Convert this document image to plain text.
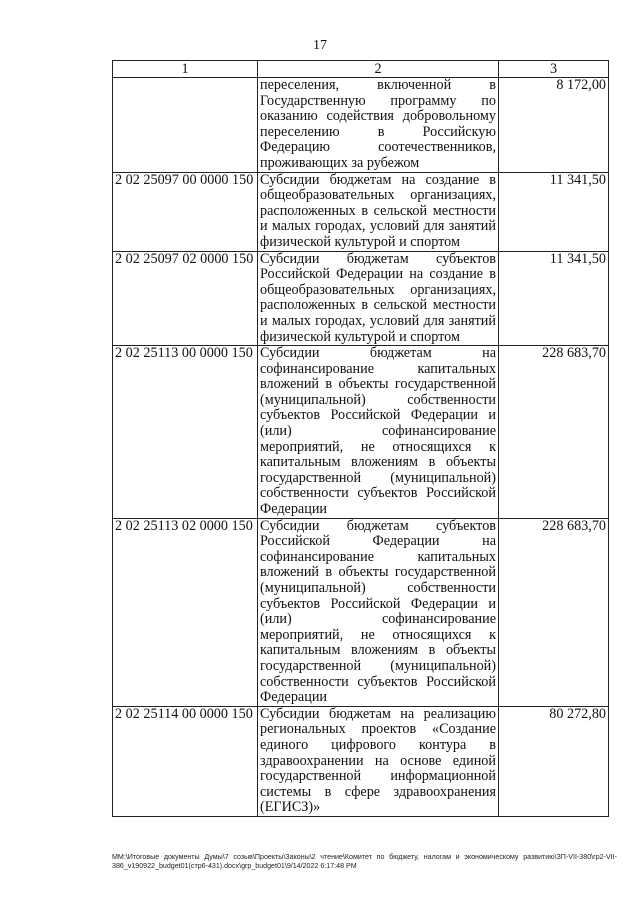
17
1	2	3
	переселения, включенной в Государственную программу по оказанию содействия добровольному переселению в Российскую Федерацию соотечественников, проживающих за рубежом	8 172,00
2 02 25097 00 0000 150	Субсидии бюджетам на создание в общеобразовательных организациях, расположенных в сельской местности и малых городах, условий для занятий физической культурой и спортом	11 341,50
2 02 25097 02 0000 150	Субсидии бюджетам субъектов Российской Федерации на создание в общеобразовательных организациях, расположенных в сельской местности и малых городах, условий для занятий физической культурой и спортом	11 341,50
2 02 25113 00 0000 150	Субсидии бюджетам на софинансирование капитальных вложений в объекты государственной (муниципальной) собственности субъектов Российской Федерации и (или) софинансирование мероприятий, не относящихся к капитальным вложениям в объекты государственной (муниципальной) собственности субъектов Российской Федерации	228 683,70
2 02 25113 02 0000 150	Субсидии бюджетам субъектов Российской Федерации на софинансирование капитальных вложений в объекты государственной (муниципальной) собственности субъектов Российской Федерации и (или) софинансирование мероприятий, не относящихся к капитальным вложениям в объекты государственной (муниципальной) собственности субъектов Российской Федерации	228 683,70
2 02 25114 00 0000 150	Субсидии бюджетам на реализацию региональных проектов «Создание единого цифрового контура в здравоохранении на основе единой государственной информационной системы в сфере здравоохранения (ЕГИСЗ)»	80 272,80
ММ:\Итоговые документы Думы\7 созыв\Проекты\Законы\2 чтение\Комитет по бюджету, налогам и экономическому развитию\ЗП-VII-380\гр2-VII-386_v190922_budget01(стр6-431).docx\grp_budget01\9/14/2022 6:17:48 PM
